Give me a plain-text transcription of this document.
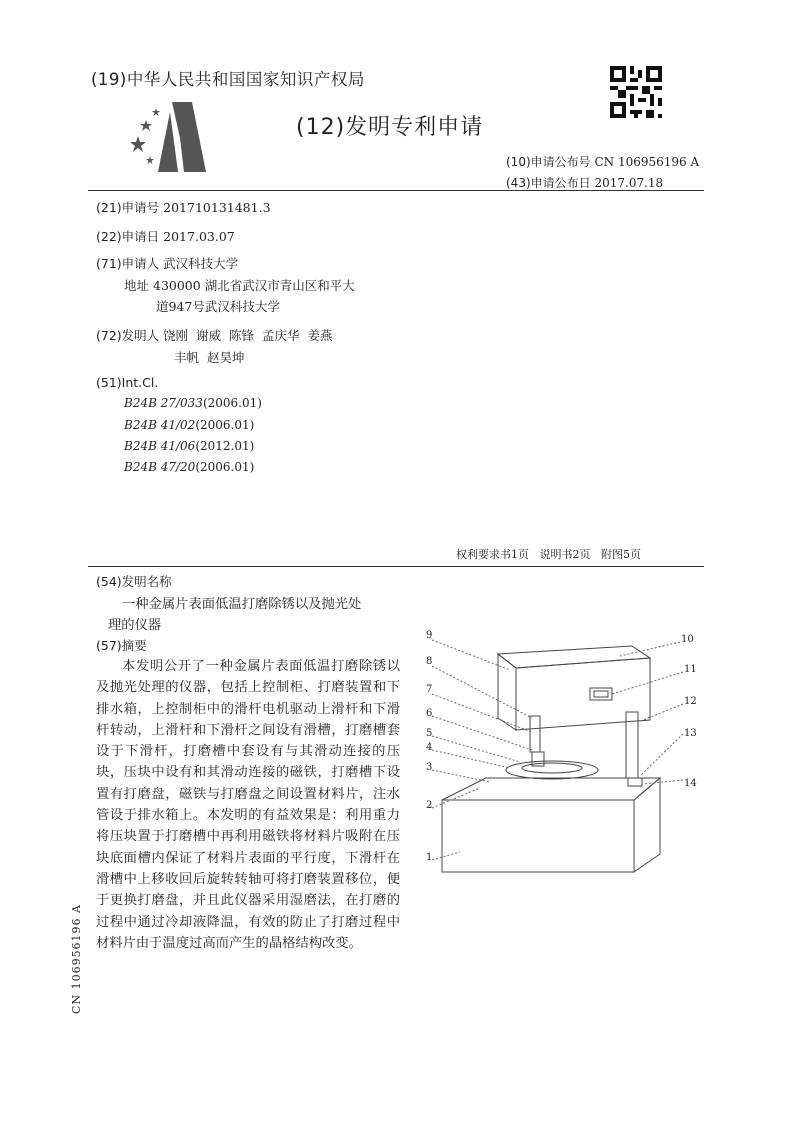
(19)中华人民共和国国家知识产权局
(12)发明专利申请
(10)申请公布号 CN 106956196 A
(43)申请公布日 2017.07.18
(21)申请号 201710131481.3
(22)申请日 2017.03.07
(71)申请人 武汉科技大学
地址 430000 湖北省武汉市青山区和平大
道947号武汉科技大学
(72)发明人 饶刚  谢威  陈锋  孟庆华  姜燕
丰帆  赵昊坤
(51)Int.Cl.
B24B 27/033(2006.01)
B24B 41/02(2006.01)
B24B 41/06(2012.01)
B24B 47/20(2006.01)
权利要求书1页   说明书2页   附图5页
(54)发明名称
一种金属片表面低温打磨除锈以及抛光处
理的仪器
(57)摘要
本发明公开了一种金属片表面低温打磨除锈以及抛光处理的仪器，包括上控制柜、打磨装置和下排水箱，上控制柜中的滑杆电机驱动上滑杆和下滑杆转动，上滑杆和下滑杆之间设有滑槽，打磨槽套设于下滑杆，打磨槽中套设有与其滑动连接的压块，压块中设有和其滑动连接的磁铁，打磨槽下设置有打磨盘，磁铁与打磨盘之间设置材料片，注水管设于排水箱上。本发明的有益效果是：利用重力将压块置于打磨槽中再利用磁铁将材料片吸附在压块底面槽内保证了材料片表面的平行度，下滑杆在滑槽中上移收回后旋转转轴可将打磨装置移位，便于更换打磨盘，并且此仪器采用湿磨法，在打磨的过程中通过冷却液降温，有效的防止了打磨过程中材料片由于温度过高而产生的晶格结构改变。
CN 106956196 A
9	10
8
11
7
12
6
5	13
4
3
14
2
1
